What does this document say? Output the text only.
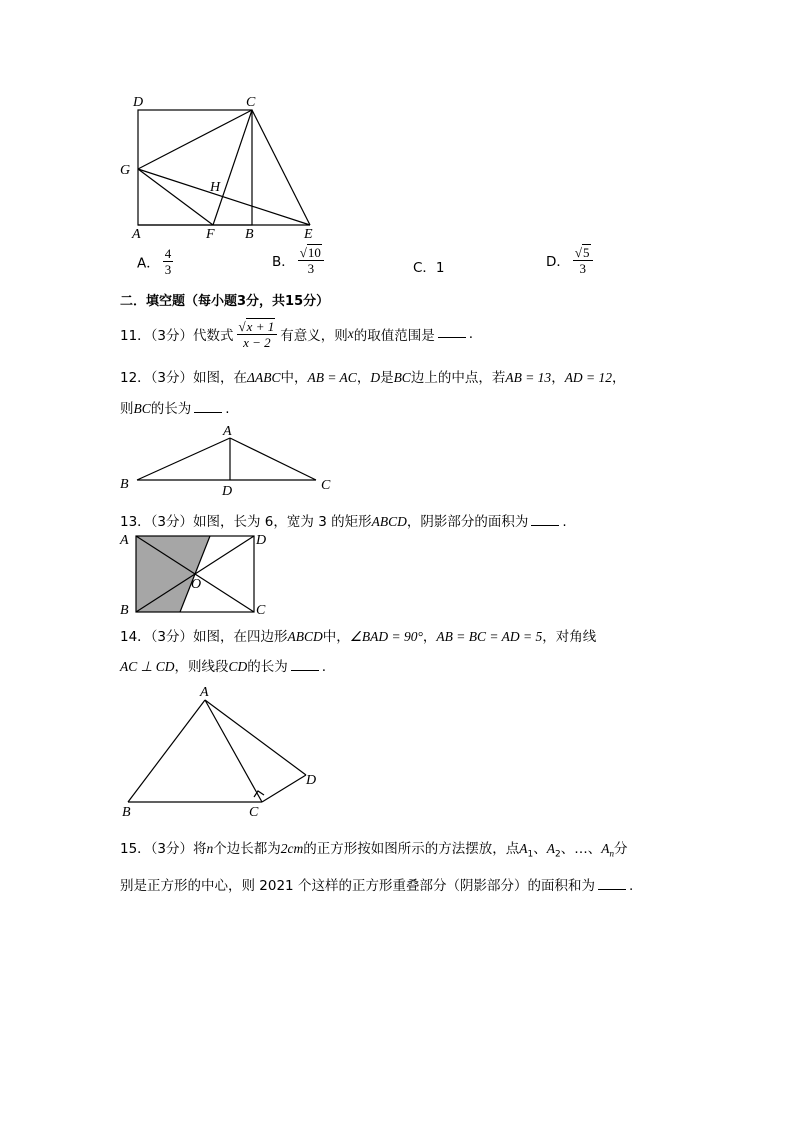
D	C
G
H
A	F B	E
A． $\frac{4}{3}$	B． $\frac{√10}{3}$	C．1	D． $\frac{√5}{3}$
二．填空题（每小题3分，共15分）
11．（3分）代数式 $\frac{√x + 1}{x - 2}$ 有意义，则x的取值范围是	.
12．（3分）如图，在ΔABC中，AB = AC，D是BC边上的中点，若AB = 13，AD = 12，
则BC的长为	.
A
B	C
D
13．（3分）如图，长为 6，宽为 3 的矩形ABCD，阴影部分的面积为	.
A	D
O
B	C
14．（3分）如图，在四边形ABCD中，∠BAD = 90°，AB = BC = AD = 5，对角线
AC ⊥ CD，则线段CD的长为	.
A
B	C
D
15．（3分）将n个边长都为2cm的正方形按如图所示的方法摆放，点$A_1$、$A_2$、…、$A_n$分
别是正方形的中心，则 2021 个这样的正方形重叠部分（阴影部分）的面积和为	.
